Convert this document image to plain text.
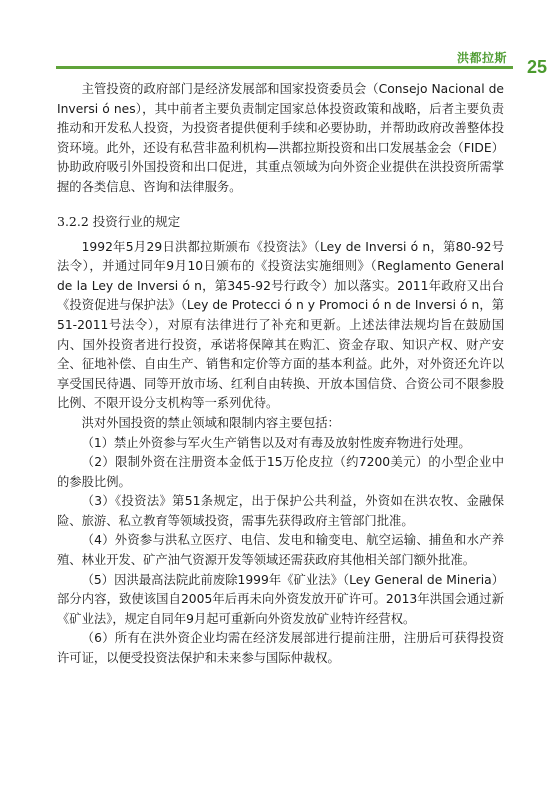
洪都拉斯 25

主管投资的政府部门是经济发展部和国家投资委员会（Consejo Nacional de Inversi ó nes），其中前者主要负责制定国家总体投资政策和战略，后者主要负责推动和开发私人投资，为投资者提供便利手续和必要协助，并帮助政府改善整体投资环境。此外，还设有私营非盈利机构—洪都拉斯投资和出口发展基金会（FIDE）协助政府吸引外国投资和出口促进，其重点领域为向外资企业提供在洪投资所需掌握的各类信息、咨询和法律服务。

3.2.2 投资行业的规定

1992年5月29日洪都拉斯颁布《投资法》（Ley de Inversi ó n，第80-92号法令），并通过同年9月10日颁布的《投资法实施细则》（Reglamento General de la Ley de Inversi ó n，第345-92号行政令）加以落实。2011年政府又出台《投资促进与保护法》（Ley de Protecci ó n y Promoci ó n de Inversi ó n，第51-2011号法令），对原有法律进行了补充和更新。上述法律法规均旨在鼓励国内、国外投资者进行投资，承诺将保障其在购汇、资金存取、知识产权、财产安全、征地补偿、自由生产、销售和定价等方面的基本利益。此外，对外资还允许以享受国民待遇、同等开放市场、红利自由转换、开放本国信贷、合资公司不限参股比例、不限开设分支机构等一系列优待。

洪对外国投资的禁止领域和限制内容主要包括：

（1）禁止外资参与军火生产销售以及对有毒及放射性废弃物进行处理。

（2）限制外资在注册资本金低于15万伦皮拉（约7200美元）的小型企业中的参股比例。

（3）《投资法》第51条规定，出于保护公共利益，外资如在洪农牧、金融保险、旅游、私立教育等领域投资，需事先获得政府主管部门批准。

（4）外资参与洪私立医疗、电信、发电和输变电、航空运输、捕鱼和水产养殖、林业开发、矿产油气资源开发等领域还需获政府其他相关部门额外批准。

（5）因洪最高法院此前废除1999年《矿业法》（Ley General de Mineria）部分内容，致使该国自2005年后再未向外资发放开矿许可。2013年洪国会通过新《矿业法》，规定自同年9月起可重新向外资发放矿业特许经营权。

（6）所有在洪外资企业均需在经济发展部进行提前注册，注册后可获得投资许可证，以便受投资法保护和未来参与国际仲裁权。
